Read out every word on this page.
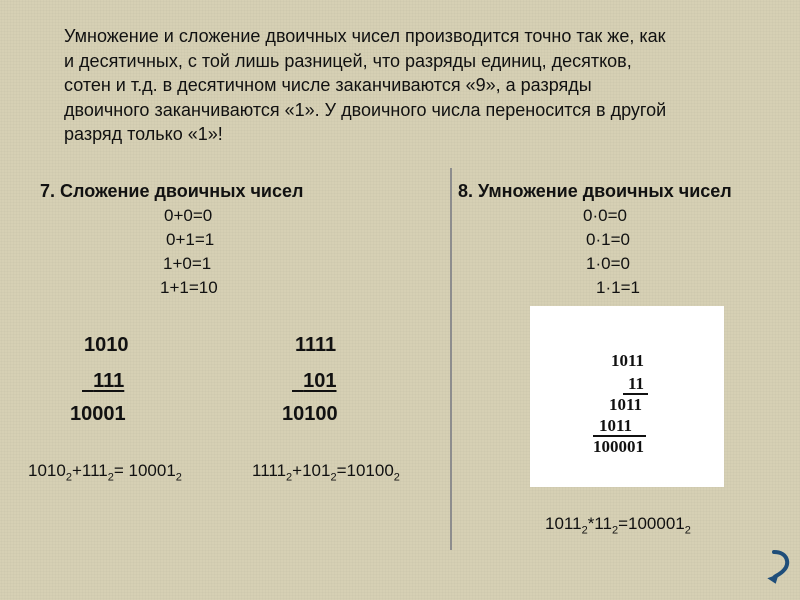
Умножение и сложение двоичных чисел производится точно так же, как
и десятичных, с той лишь разницей, что разряды единиц, десятков,
сотен и т.д. в десятичном числе заканчиваются «9», а разряды
двоичного заканчиваются «1». У двоичного числа переносится в другой
разряд только «1»!
7. Сложение двоичных чисел
0+0=0
0+1=1
1+0=1
1+1=10
1010
111
10001
1111
101
10100
$1010_2+111_2= 10001_2$	$1111_2+101_2=10100_2$
8. Умножение двоичных чисел
0·0=0
0·1=0
1·0=0
1·1=1
1011
11
1011
1011
100001
$1011_2*11_2=100001_2$
